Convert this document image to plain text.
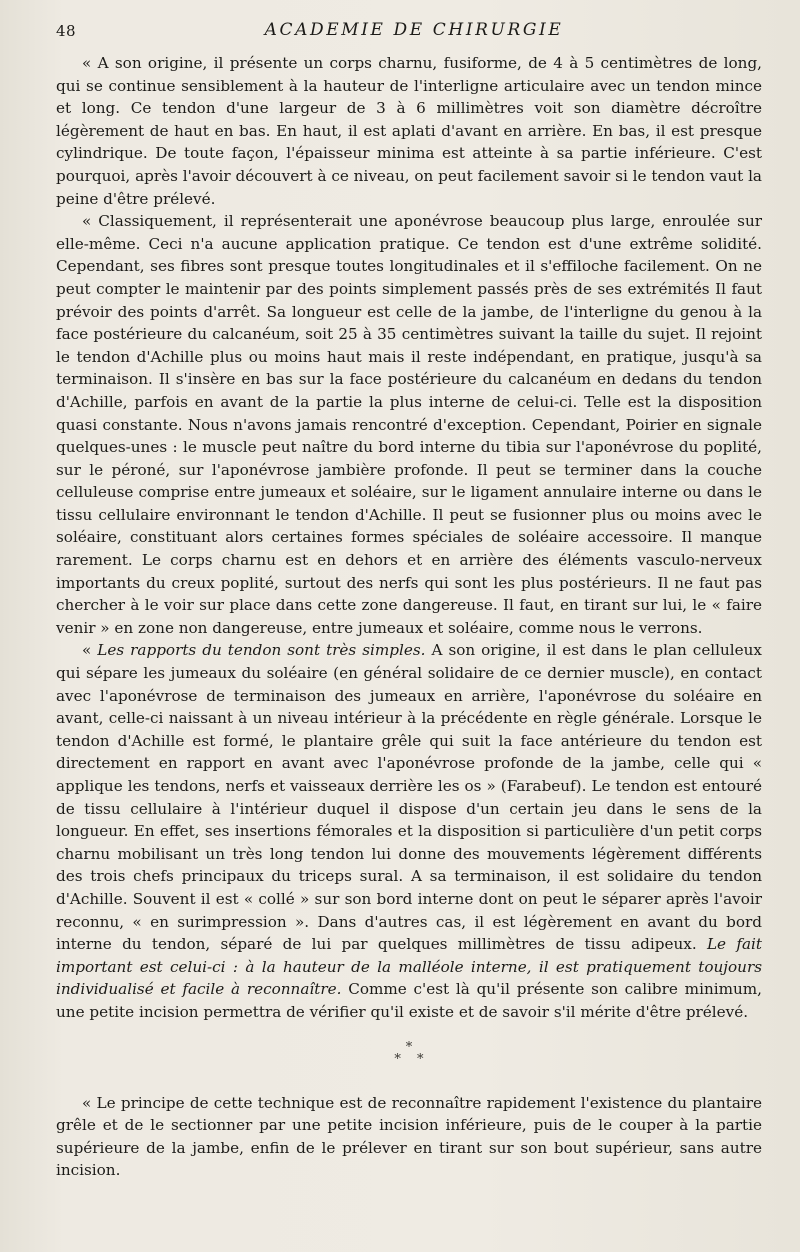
48	ACADEMIE DE CHIRURGIE

« A son origine, il présente un corps charnu, fusiforme, de 4 à 5 centimètres de long, qui se continue sensiblement à la hauteur de l'interligne articulaire avec un tendon mince et long. Ce tendon d'une largeur de 3 à 6 millimètres voit son diamètre décroître légèrement de haut en bas. En haut, il est aplati d'avant en arrière. En bas, il est presque cylindrique. De toute façon, l'épaisseur minima est atteinte à sa partie inférieure. C'est pourquoi, après l'avoir découvert à ce niveau, on peut facilement savoir si le tendon vaut la peine d'être prélevé.

« Classiquement, il représenterait une aponévrose beaucoup plus large, enroulée sur elle-même. Ceci n'a aucune application pratique. Ce tendon est d'une extrême solidité. Cependant, ses fibres sont presque toutes longitudinales et il s'effiloche facilement. On ne peut compter le maintenir par des points simplement passés près de ses extrémités Il faut prévoir des points d'arrêt. Sa longueur est celle de la jambe, de l'interligne du genou à la face postérieure du calcanéum, soit 25 à 35 centimètres suivant la taille du sujet. Il rejoint le tendon d'Achille plus ou moins haut mais il reste indépendant, en pratique, jusqu'à sa terminaison. Il s'insère en bas sur la face postérieure du calcanéum en dedans du tendon d'Achille, parfois en avant de la partie la plus interne de celui-ci. Telle est la disposition quasi constante. Nous n'avons jamais rencontré d'exception. Cependant, Poirier en signale quelques-unes : le muscle peut naître du bord interne du tibia sur l'aponévrose du poplité, sur le péroné, sur l'aponévrose jambière profonde. Il peut se terminer dans la couche celluleuse comprise entre jumeaux et soléaire, sur le ligament annulaire interne ou dans le tissu cellulaire environnant le tendon d'Achille. Il peut se fusionner plus ou moins avec le soléaire, constituant alors certaines formes spéciales de soléaire accessoire. Il manque rarement. Le corps charnu est en dehors et en arrière des éléments vasculo-nerveux importants du creux poplité, surtout des nerfs qui sont les plus postérieurs. Il ne faut pas chercher à le voir sur place dans cette zone dangereuse. Il faut, en tirant sur lui, le « faire venir » en zone non dangereuse, entre jumeaux et soléaire, comme nous le verrons.

« Les rapports du tendon sont très simples. A son origine, il est dans le plan celluleux qui sépare les jumeaux du soléaire (en général solidaire de ce dernier muscle), en contact avec l'aponévrose de terminaison des jumeaux en arrière, l'aponévrose du soléaire en avant, celle-ci naissant à un niveau intérieur à la précédente en règle générale. Lorsque le tendon d'Achille est formé, le plantaire grêle qui suit la face antérieure du tendon est directement en rapport en avant avec l'aponévrose profonde de la jambe, celle qui « applique les tendons, nerfs et vaisseaux derrière les os » (Farabeuf). Le tendon est entouré de tissu cellulaire à l'intérieur duquel il dispose d'un certain jeu dans le sens de la longueur. En effet, ses insertions fémorales et la disposition si particulière d'un petit corps charnu mobilisant un très long tendon lui donne des mouvements légèrement différents des trois chefs principaux du triceps sural. A sa terminaison, il est solidaire du tendon d'Achille. Souvent il est « collé » sur son bord interne dont on peut le séparer après l'avoir reconnu, « en surimpression ». Dans d'autres cas, il est légèrement en avant du bord interne du tendon, séparé de lui par quelques millimètres de tissu adipeux. Le fait important est celui-ci : à la hauteur de la malléole interne, il est pratiquement toujours individualisé et facile à reconnaître. Comme c'est là qu'il présente son calibre minimum, une petite incision permettra de vérifier qu'il existe et de savoir s'il mérite d'être prélevé.

*
* *

« Le principe de cette technique est de reconnaître rapidement l'existence du plantaire grêle et de le sectionner par une petite incision inférieure, puis de le couper à la partie supérieure de la jambe, enfin de le prélever en tirant sur son bout supérieur, sans autre incision.
